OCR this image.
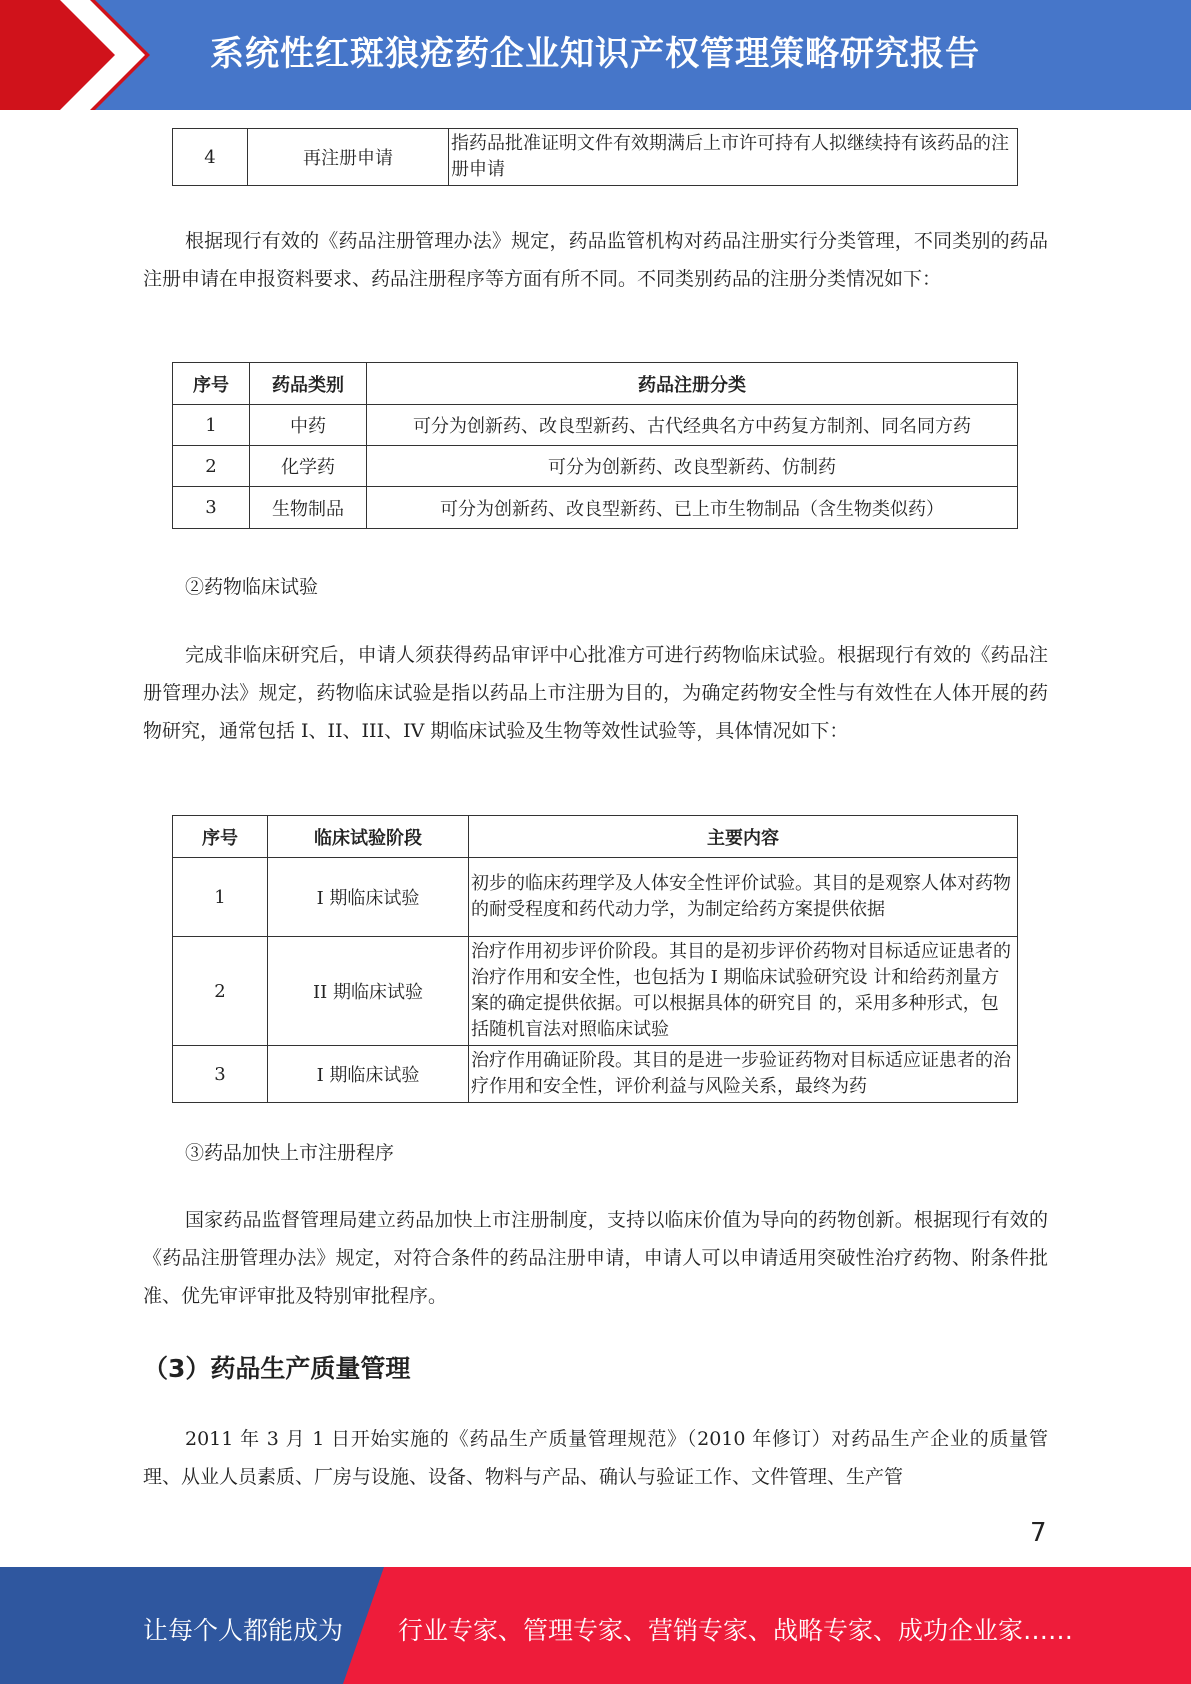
系统性红斑狼疮药企业知识产权管理策略研究报告
4	再注册申请	指药品批准证明文件有效期满后上市许可持有人拟继续持有该药品的注册申请
根据现行有效的《药品注册管理办法》规定，药品监管机构对药品注册实行分类管理，不同类别的药品注册申请在申报资料要求、药品注册程序等方面有所不同。不同类别药品的注册分类情况如下：
序号	药品类别	药品注册分类
1	中药	可分为创新药、改良型新药、古代经典名方中药复方制剂、同名同方药
2	化学药	可分为创新药、改良型新药、仿制药
3	生物制品	可分为创新药、改良型新药、已上市生物制品（含生物类似药）
②药物临床试验
完成非临床研究后，申请人须获得药品审评中心批准方可进行药物临床试验。根据现行有效的《药品注册管理办法》规定，药物临床试验是指以药品上市注册为目的，为确定药物安全性与有效性在人体开展的药物研究，通常包括 I、II、III、IV 期临床试验及生物等效性试验等，具体情况如下：
序号	临床试验阶段	主要内容
1	I 期临床试验	初步的临床药理学及人体安全性评价试验。其目的是观察人体对药物的耐受程度和药代动力学，为制定给药方案提供依据
2	II 期临床试验	治疗作用初步评价阶段。其目的是初步评价药物对目标适应证患者的治疗作用和安全性，也包括为 I 期临床试验研究设 计和给药剂量方案的确定提供依据。可以根据具体的研究目 的，采用多种形式，包括随机盲法对照临床试验
3	I 期临床试验	治疗作用确证阶段。其目的是进一步验证药物对目标适应证患者的治疗作用和安全性，评价利益与风险关系，最终为药
③药品加快上市注册程序
国家药品监督管理局建立药品加快上市注册制度，支持以临床价值为导向的药物创新。根据现行有效的《药品注册管理办法》规定，对符合条件的药品注册申请，申请人可以申请适用突破性治疗药物、附条件批准、优先审评审批及特别审批程序。
（3）药品生产质量管理
2011 年 3 月 1 日开始实施的《药品生产质量管理规范》（2010 年修订）对药品生产企业的质量管理、从业人员素质、厂房与设施、设备、物料与产品、确认与验证工作、文件管理、生产管
7
让每个人都能成为 行业专家、管理专家、营销专家、战略专家、成功企业家……
